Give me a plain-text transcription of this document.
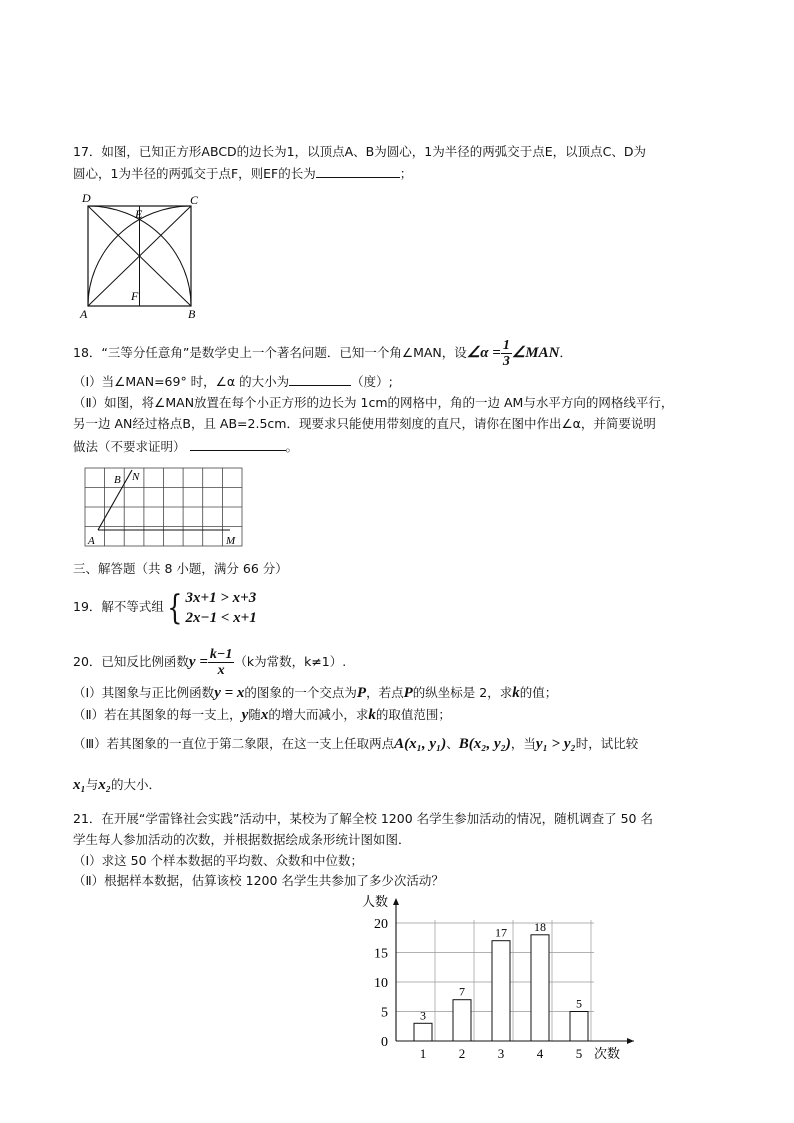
17．如图，已知正方形ABCD的边长为1，以顶点A、B为圆心，1为半径的两弧交于点E，以顶点C、D为
圆心，1为半径的两弧交于点F，则EF的长为	；
D	C
E
F
A	B
18．“三等分任意角”是数学史上一个著名问题．已知一个角∠MAN，设∠α = $\frac{1}{3}$ ∠MAN．
（Ⅰ）当∠MAN=69° 时，∠α 的大小为	（度）;
（Ⅱ）如图，将∠MAN放置在每个小正方形的边长为 1cm的网格中，角的一边 AM与水平方向的网格线平行，
另一边 AN经过格点B，且 AB=2.5cm．现要求只能使用带刻度的直尺，请你在图中作出∠α，并简要说明
做法（不要求证明）	。
B N
A	M
三、解答题（共 8 小题，满分 66 分）
19．解不等式组{ 3x+1 > x+3
2x−1 < x+1
20．已知反比例函数$y = \frac{k-1}{x} (k$为常数，k≠1）.
（Ⅰ）其图象与正比例函数y = x的图象的一个交点为P，若点P的纵坐标是 2，求k的值；
（Ⅱ）若在其图象的每一支上，y随x的增大而减小，求k的取值范围；
（Ⅲ）若其图象的一直位于第二象限，在这一支上任取两点A(x₁, y₁)、B(x₂, y₂)，当y₁ > y₂时，试比较
x₁与x₂的大小．
21．在开展“学雷锋社会实践”活动中，某校为了解全校 1200 名学生参加活动的情况，随机调查了 50 名
学生每人参加活动的次数，并根据数据绘成条形统计图如图．
（Ⅰ）求这 50 个样本数据的平均数、众数和中位数；
（Ⅱ）根据样本数据，估算该校 1200 名学生共参加了多少次活动？
0
5
10
15
20
3
1
7
2
17
3
18
4
5
5
人数
次数
